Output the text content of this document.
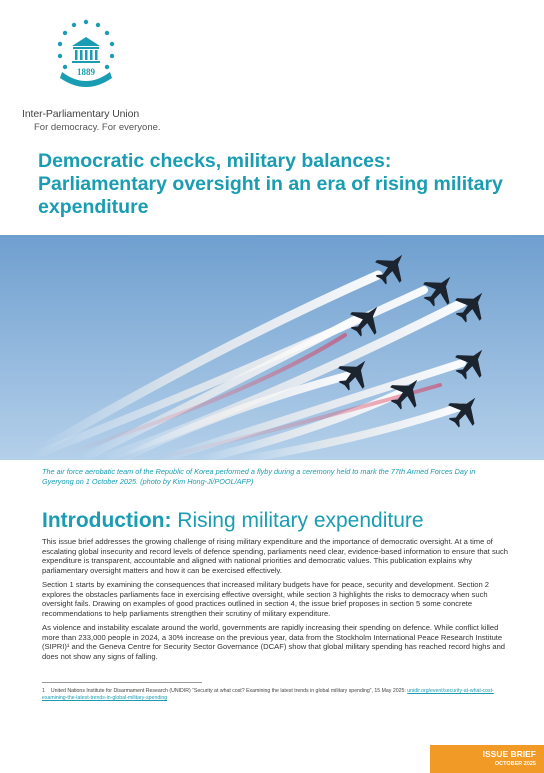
1889
Inter-Parliamentary Union
For democracy. For everyone.
Democratic checks, military balances: Parliamentary oversight in an era of rising military expenditure
The air force aerobatic team of the Republic of Korea performed a flyby during a ceremony held to mark the 77th Armed Forces Day in Gyeryong on 1 October 2025. (photo by Kim Hong-Ji/POOL/AFP)
Introduction: Rising military expenditure

This issue brief addresses the growing challenge of rising military expenditure and the importance of democratic oversight. At a time of escalating global insecurity and record levels of defence spending, parliaments need clear, evidence-based information to ensure that such expenditure is transparent, accountable and aligned with national priorities and democratic values. This publication explains why parliamentary oversight matters and how it can be exercised effectively.

Section 1 starts by examining the consequences that increased military budgets have for peace, security and development. Section 2 explores the obstacles parliaments face in exercising effective oversight, while section 3 highlights the risks to democracy when such oversight fails. Drawing on examples of good practices outlined in section 4, the issue brief proposes in section 5 some concrete recommendations to help parliaments strengthen their scrutiny of military expenditure.

As violence and instability escalate around the world, governments are rapidly increasing their spending on defence. While conflict killed more than 233,000 people in 2024, a 30% increase on the previous year, data from the Stockholm International Peace Research Institute (SIPRI)¹ and the Geneva Centre for Security Sector Governance (DCAF) show that global military spending has reached record highs and does not show any signs of falling.

1 United Nations Institute for Disarmament Research (UNIDIR) “Security at what cost? Examining the latest trends in global military spending”, 15 May 2025: unidir.org/event/security-at-what-cost-examining-the-latest-trends-in-global-military-spending
ISSUE BRIEF
OCTOBER 2025
